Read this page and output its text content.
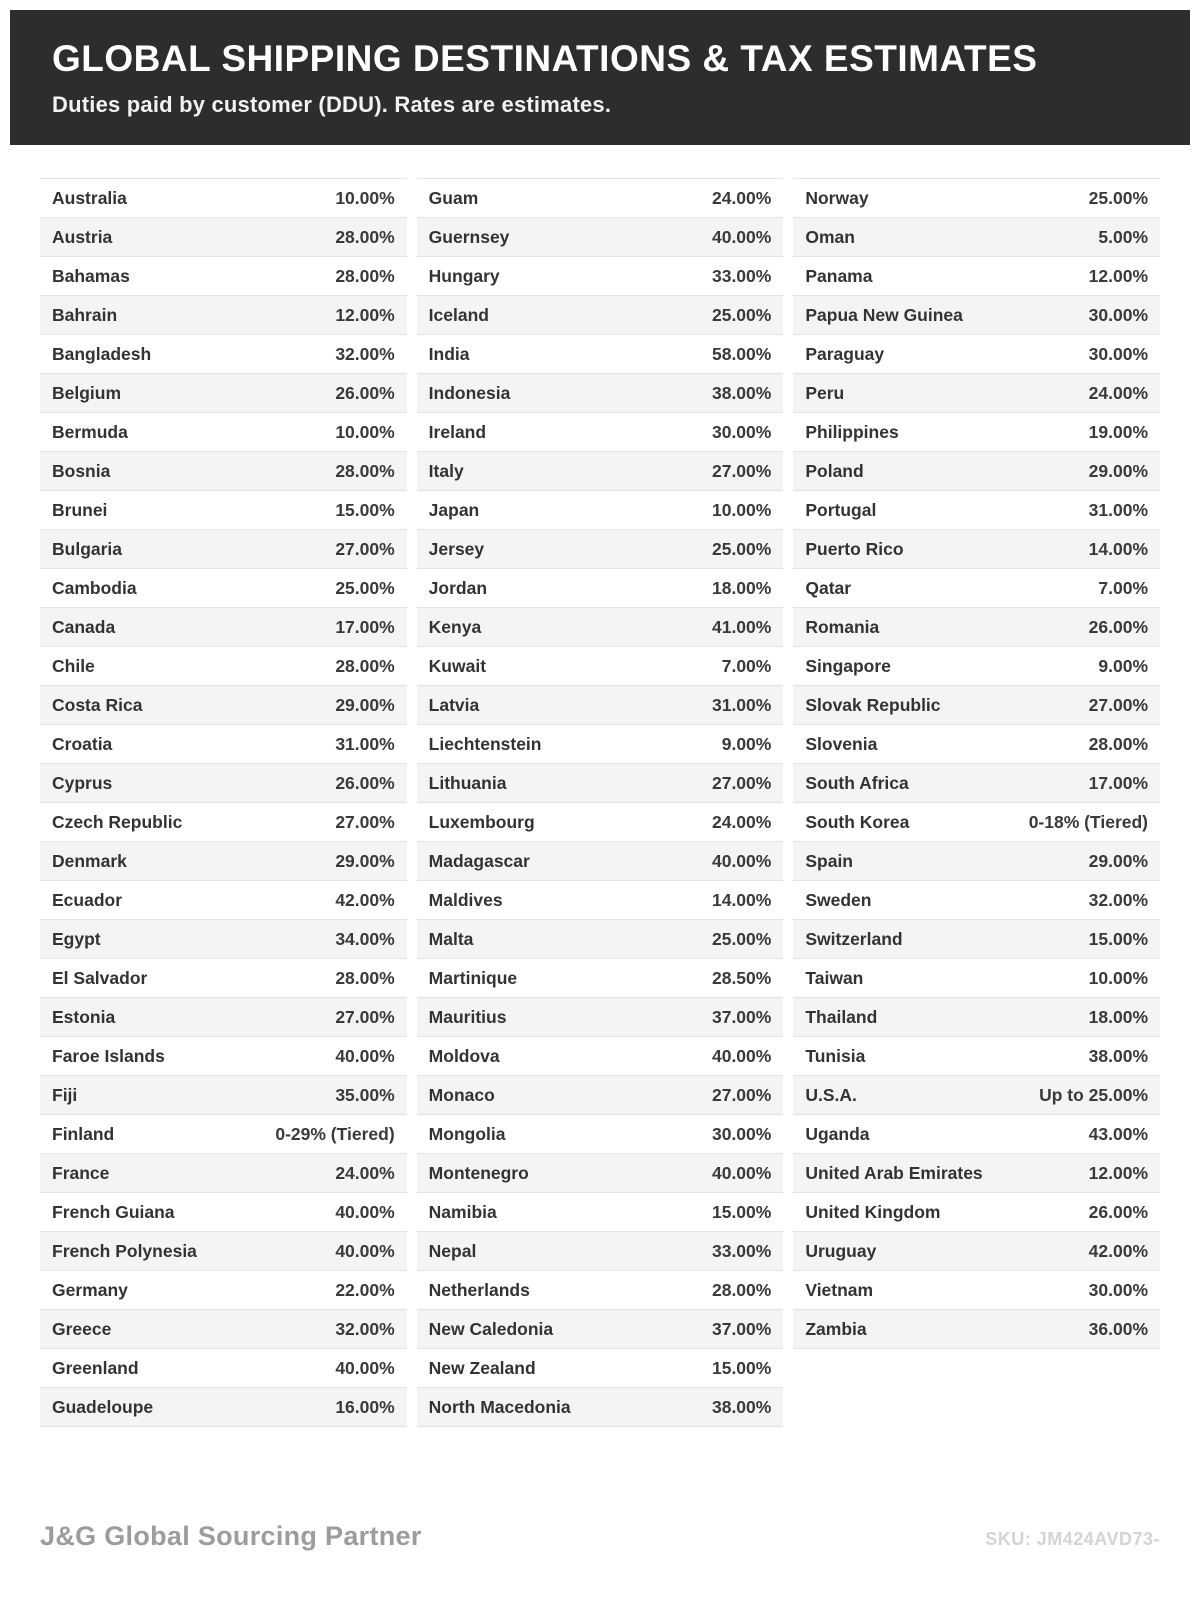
GLOBAL SHIPPING DESTINATIONS & TAX ESTIMATES
Duties paid by customer (DDU). Rates are estimates.
Australia	10.00%
Austria	28.00%
Bahamas	28.00%
Bahrain	12.00%
Bangladesh	32.00%
Belgium	26.00%
Bermuda	10.00%
Bosnia	28.00%
Brunei	15.00%
Bulgaria	27.00%
Cambodia	25.00%
Canada	17.00%
Chile	28.00%
Costa Rica	29.00%
Croatia	31.00%
Cyprus	26.00%
Czech Republic	27.00%
Denmark	29.00%
Ecuador	42.00%
Egypt	34.00%
El Salvador	28.00%
Estonia	27.00%
Faroe Islands	40.00%
Fiji	35.00%
Finland	0-29% (Tiered)
France	24.00%
French Guiana	40.00%
French Polynesia	40.00%
Germany	22.00%
Greece	32.00%
Greenland	40.00%
Guadeloupe	16.00%
Guam	24.00%
Guernsey	40.00%
Hungary	33.00%
Iceland	25.00%
India	58.00%
Indonesia	38.00%
Ireland	30.00%
Italy	27.00%
Japan	10.00%
Jersey	25.00%
Jordan	18.00%
Kenya	41.00%
Kuwait	7.00%
Latvia	31.00%
Liechtenstein	9.00%
Lithuania	27.00%
Luxembourg	24.00%
Madagascar	40.00%
Maldives	14.00%
Malta	25.00%
Martinique	28.50%
Mauritius	37.00%
Moldova	40.00%
Monaco	27.00%
Mongolia	30.00%
Montenegro	40.00%
Namibia	15.00%
Nepal	33.00%
Netherlands	28.00%
New Caledonia	37.00%
New Zealand	15.00%
North Macedonia	38.00%
Norway	25.00%
Oman	5.00%
Panama	12.00%
Papua New Guinea	30.00%
Paraguay	30.00%
Peru	24.00%
Philippines	19.00%
Poland	29.00%
Portugal	31.00%
Puerto Rico	14.00%
Qatar	7.00%
Romania	26.00%
Singapore	9.00%
Slovak Republic	27.00%
Slovenia	28.00%
South Africa	17.00%
South Korea	0-18% (Tiered)
Spain	29.00%
Sweden	32.00%
Switzerland	15.00%
Taiwan	10.00%
Thailand	18.00%
Tunisia	38.00%
U.S.A.	Up to 25.00%
Uganda	43.00%
United Arab Emirates	12.00%
United Kingdom	26.00%
Uruguay	42.00%
Vietnam	30.00%
Zambia	36.00%
J&G Global Sourcing Partner	SKU: JM424AVD73-
